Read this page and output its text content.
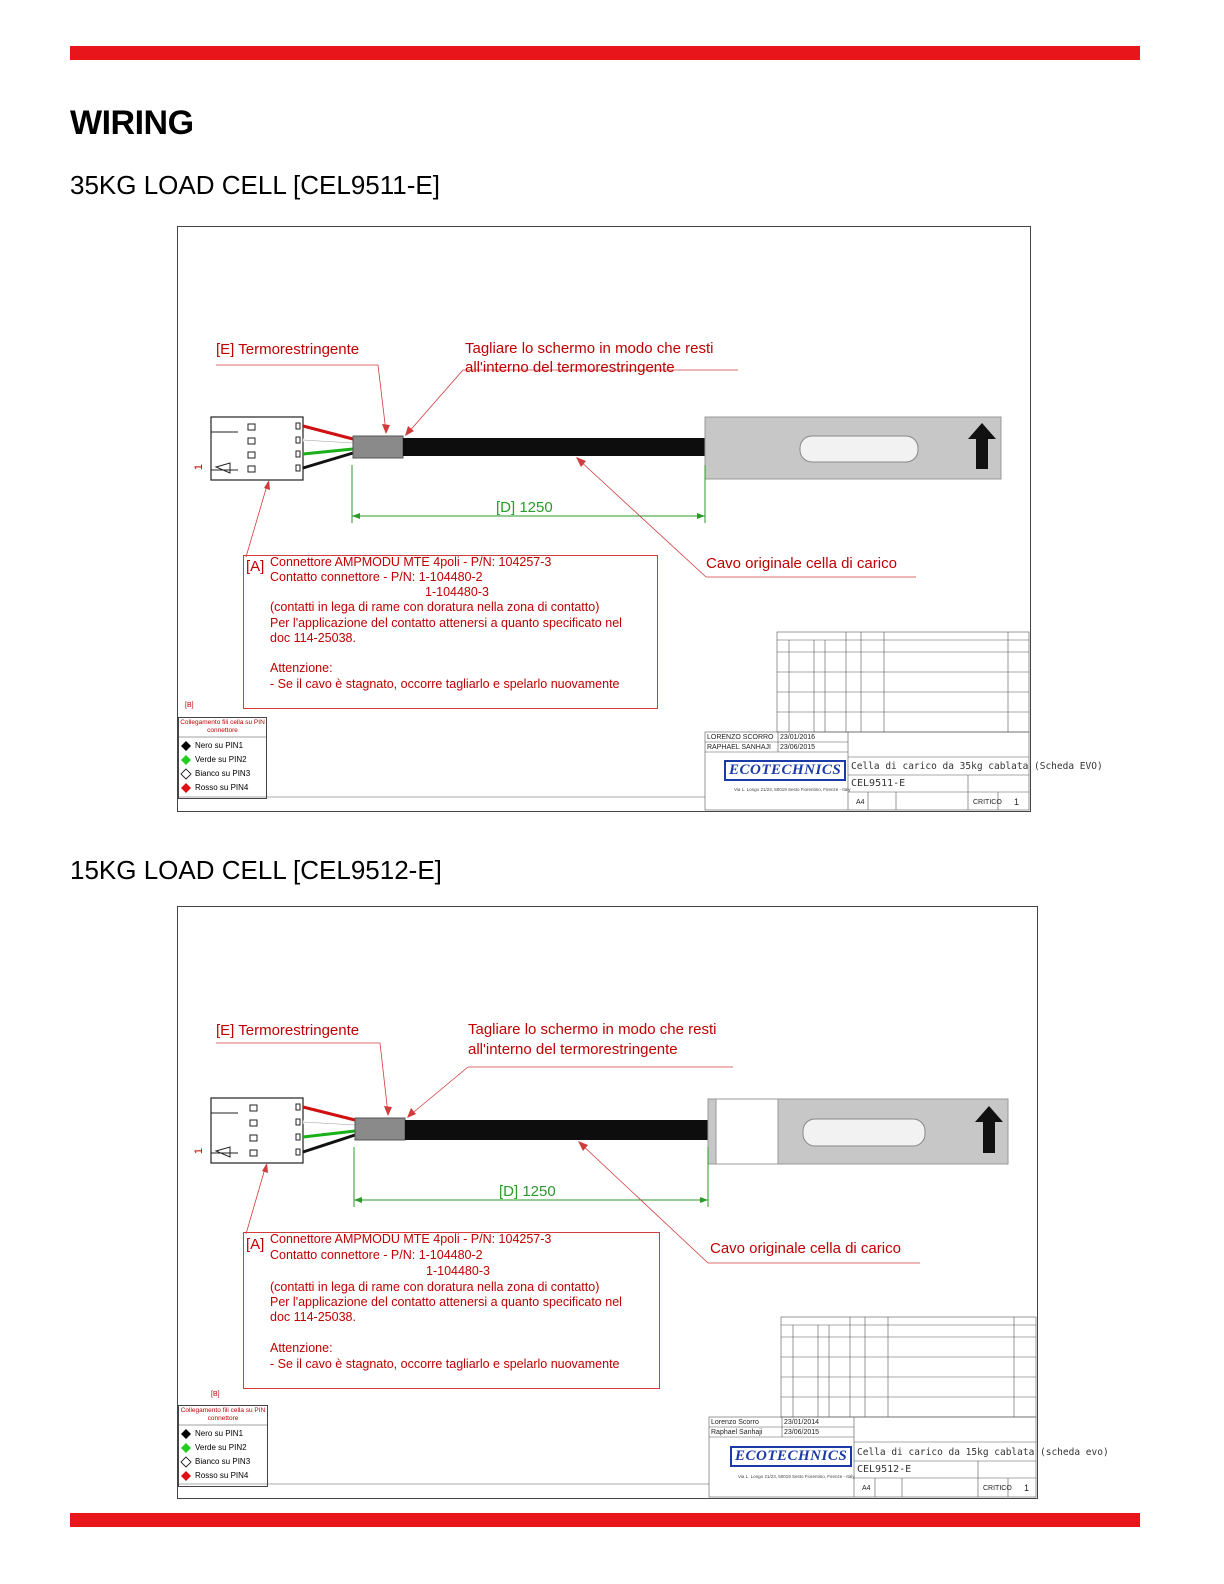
WIRING
35KG LOAD CELL [CEL9511-E]
[E] Termorestringente	Tagliare lo schermo in modo che resti
all'interno del termorestringente
[D] 1250
Cavo originale cella di carico
1
[A] Connettore AMPMODU MTE 4poli - P/N: 104257-3
Contatto connettore - P/N: 1-104480-2
1-104480-3
(contatti in lega di rame con doratura nella zona di contatto)
Per l'applicazione del contatto attenersi a quanto specificato nel
doc 114-25038.
Attenzione:
- Se il cavo è stagnato, occorre tagliarlo e spelarlo nuovamente
[B]
Collegamento fili cella su PIN connettore
Nero su PIN1
Verde su PIN2
Bianco su PIN3
Rosso su PIN4
LORENZO SCORRO 23/01/2016
RAPHAEL SANHAJI 23/06/2015
ECOTECHNICS
Via L. Longo 21/23, 50019 Sesto Fiorentino, Firenze - Italy
Cella di carico da 35kg cablata (Scheda EVO)
CEL9511-E
A4	CRITICO 1
15KG LOAD CELL [CEL9512-E]
[E] Termorestringente	Tagliare lo schermo in modo che resti
all'interno del termorestringente
[D] 1250
Cavo originale cella di carico
1
[A] Connettore AMPMODU MTE 4poli - P/N: 104257-3
Contatto connettore - P/N: 1-104480-2
1-104480-3
(contatti in lega di rame con doratura nella zona di contatto)
Per l'applicazione del contatto attenersi a quanto specificato nel
doc 114-25038.
Attenzione:
- Se il cavo è stagnato, occorre tagliarlo e spelarlo nuovamente
[B]
Collegamento fili cella su PIN connettore
Nero su PIN1
Verde su PIN2
Bianco su PIN3
Rosso su PIN4
Lorenzo Scorro	23/01/2014
Raphael Sanhaji	23/06/2015
ECOTECHNICS
Via L. Longo 21/23, 50019 Sesto Fiorentino, Firenze - Italy
Cella di carico da 15kg cablata (scheda evo)
CEL9512-E
A4	CRITICO 1
